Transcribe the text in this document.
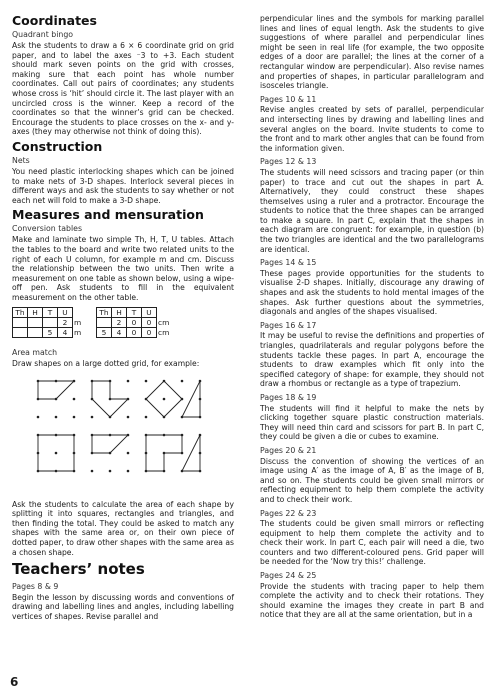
Coordinates
Quadrant bingo

Ask the students to draw a 6 × 6 coordinate grid on grid paper, and to label the axes ⁻3 to +3. Each student should mark seven points on the grid with crosses, making sure that each point has whole number coordinates. Call out pairs of coordinates; any students whose cross is ‘hit’ should circle it. The last player with an uncircled cross is the winner. Keep a record of the coordinates so that the winner’s grid can be checked. Encourage the students to place crosses on the x- and y-axes (they may otherwise not think of doing this).

Construction
Nets

You need plastic interlocking shapes which can be joined to make nets of 3-D shapes. Interlock several pieces in different ways and ask the students to say whether or not each net will fold to make a 3-D shape.

Measures and mensuration
Conversion tables

Make and laminate two simple Th, H, T, U tables. Attach the tables to the board and write two related units to the right of each U column, for example m and cm. Discuss the relationship between the two units. Then write a measurement on one table as shown below, using a wipe-off pen. Ask students to fill in the equivalent measurement on the other table.

Th	H	T	U	
			2	m
		5	4	m
Th	H	T	U	
	2	0	0	cm
5	4	0	0	cm
Area match

Draw shapes on a large dotted grid, for example:

Ask the students to calculate the area of each shape by splitting it into squares, rectangles and triangles, and then finding the total. They could be asked to match any shapes with the same area or, on their own piece of dotted paper, to draw other shapes with the same area as a chosen shape.

Teachers’ notes
Pages 8 & 9

Begin the lesson by discussing words and conventions of drawing and labelling lines and angles, including labelling vertices of shapes. Revise parallel and

perpendicular lines and the symbols for marking parallel lines and lines of equal length. Ask the students to give suggestions of where parallel and perpendicular lines might be seen in real life (for example, the two opposite edges of a door are parallel; the lines at the corner of a rectangular window are perpendicular). Also revise names and properties of shapes, in particular parallelogram and isosceles triangle.

Pages 10 & 11

Revise angles created by sets of parallel, perpendicular and intersecting lines by drawing and labelling lines and several angles on the board. Invite students to come to the front and to mark other angles that can be found from the information given.

Pages 12 & 13

The students will need scissors and tracing paper (or thin paper) to trace and cut out the shapes in part A. Alternatively, they could construct these shapes themselves using a ruler and a protractor. Encourage the students to notice that the three shapes can be arranged to make a square. In part C, explain that the shapes in each diagram are congruent: for example, in question (b) the two triangles are identical and the two parallelograms are identical.

Pages 14 & 15

These pages provide opportunities for the students to visualise 2-D shapes. Initially, discourage any drawing of shapes and ask the students to hold mental images of the shapes. Ask further questions about the symmetries, diagonals and angles of the shapes visualised.

Pages 16 & 17

It may be useful to revise the definitions and properties of triangles, quadrilaterals and regular polygons before the students tackle these pages. In part A, encourage the students to draw examples which fit only into the specified category of shape: for example, they should not draw a rhombus or rectangle as a type of trapezium.

Pages 18 & 19

The students will find it helpful to make the nets by clicking together square plastic construction materials. They will need thin card and scissors for part B. In part C, they could be given a die or cubes to examine.

Pages 20 & 21

Discuss the convention of showing the vertices of an image using A′ as the image of A, B′ as the image of B, and so on. The students could be given small mirrors or reflecting equipment to help them complete the activity and to check their work.

Pages 22 & 23

The students could be given small mirrors or reflecting equipment to help them complete the activity and to check their work. In part C, each pair will need a die, two counters and two different-coloured pens. Grid paper will be needed for the ‘Now try this!’ challenge.

Pages 24 & 25

Provide the students with tracing paper to help them complete the activity and to check their rotations. They should examine the images they create in part B and notice that they are all at the same orientation, but in a

6
